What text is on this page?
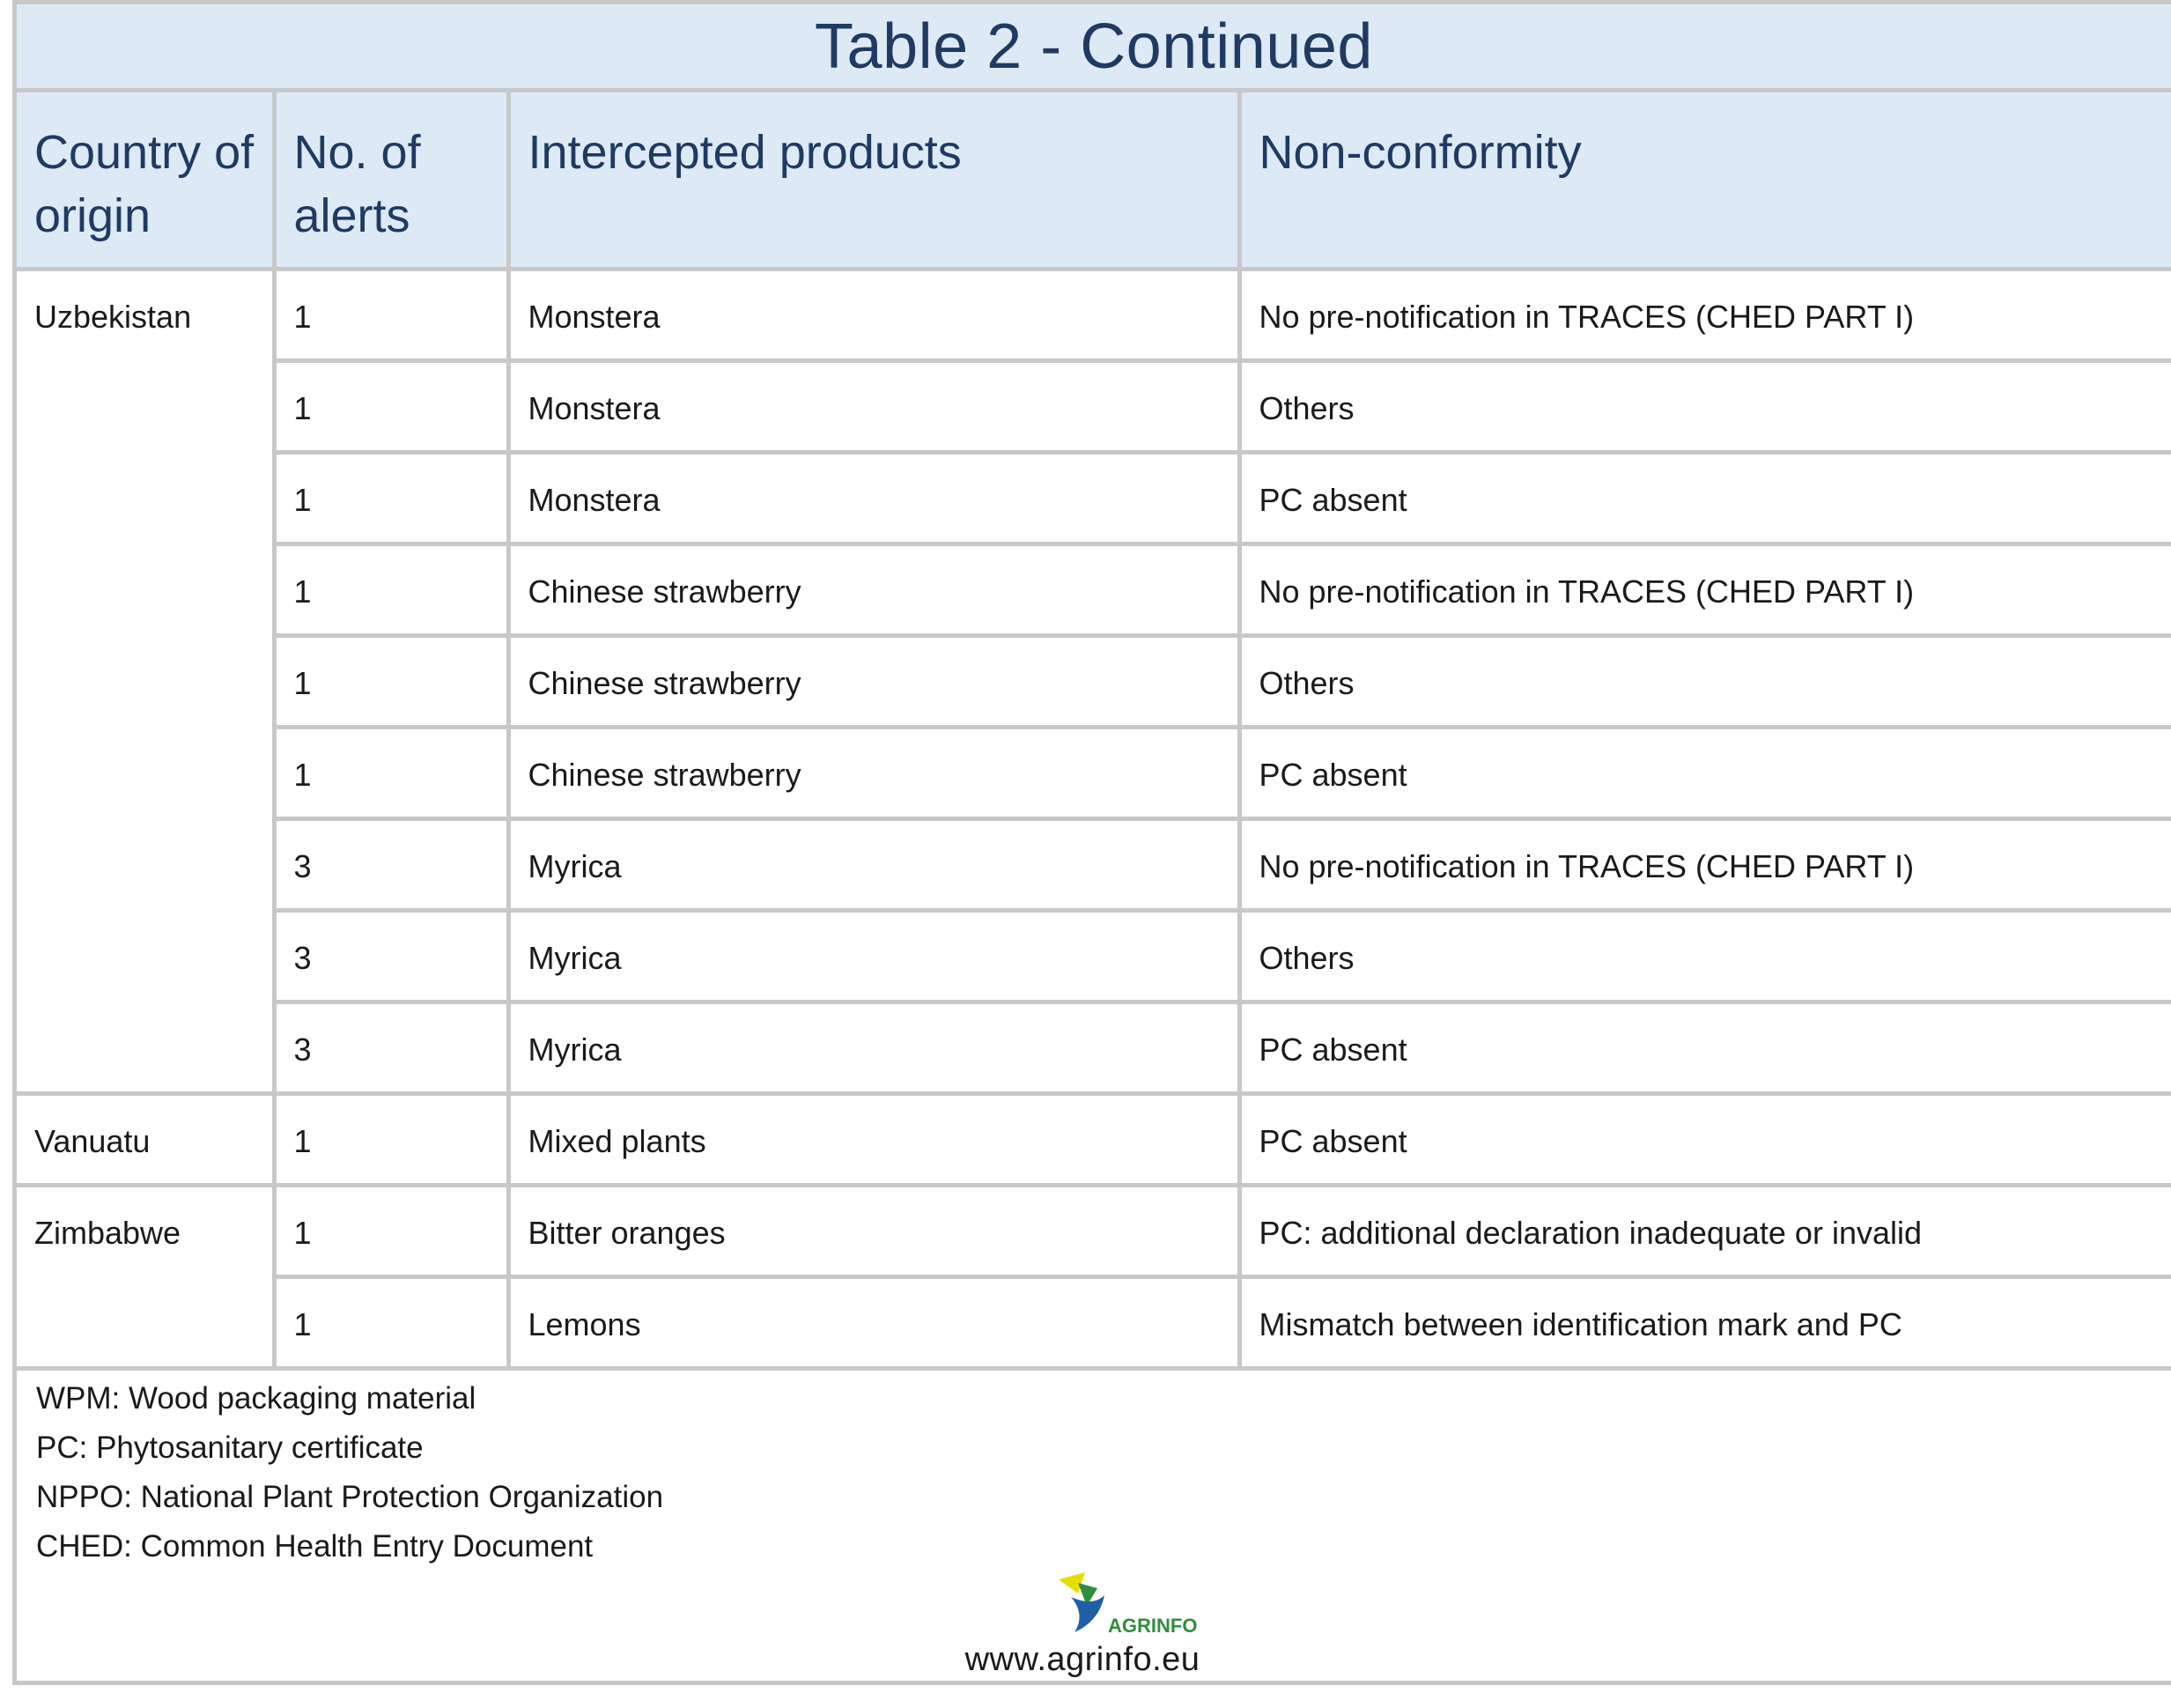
Table 2 - Continued
Country of origin	No. of alerts	Intercepted products	Non-conformity
Uzbekistan	1	Monstera	No pre-notification in TRACES (CHED PART I)
	1	Monstera	Others
	1	Monstera	PC absent
	1	Chinese strawberry	No pre-notification in TRACES (CHED PART I)
	1	Chinese strawberry	Others
	1	Chinese strawberry	PC absent
	3	Myrica	No pre-notification in TRACES (CHED PART I)
	3	Myrica	Others
	3	Myrica	PC absent
Vanuatu	1	Mixed plants	PC absent
Zimbabwe	1	Bitter oranges	PC: additional declaration inadequate or invalid
	1	Lemons	Mismatch between identification mark and PC
WPM: Wood packaging material
PC: Phytosanitary certificate
NPPO: National Plant Protection Organization
CHED: Common Health Entry Document
AGRINFO
www.agrinfo.eu
